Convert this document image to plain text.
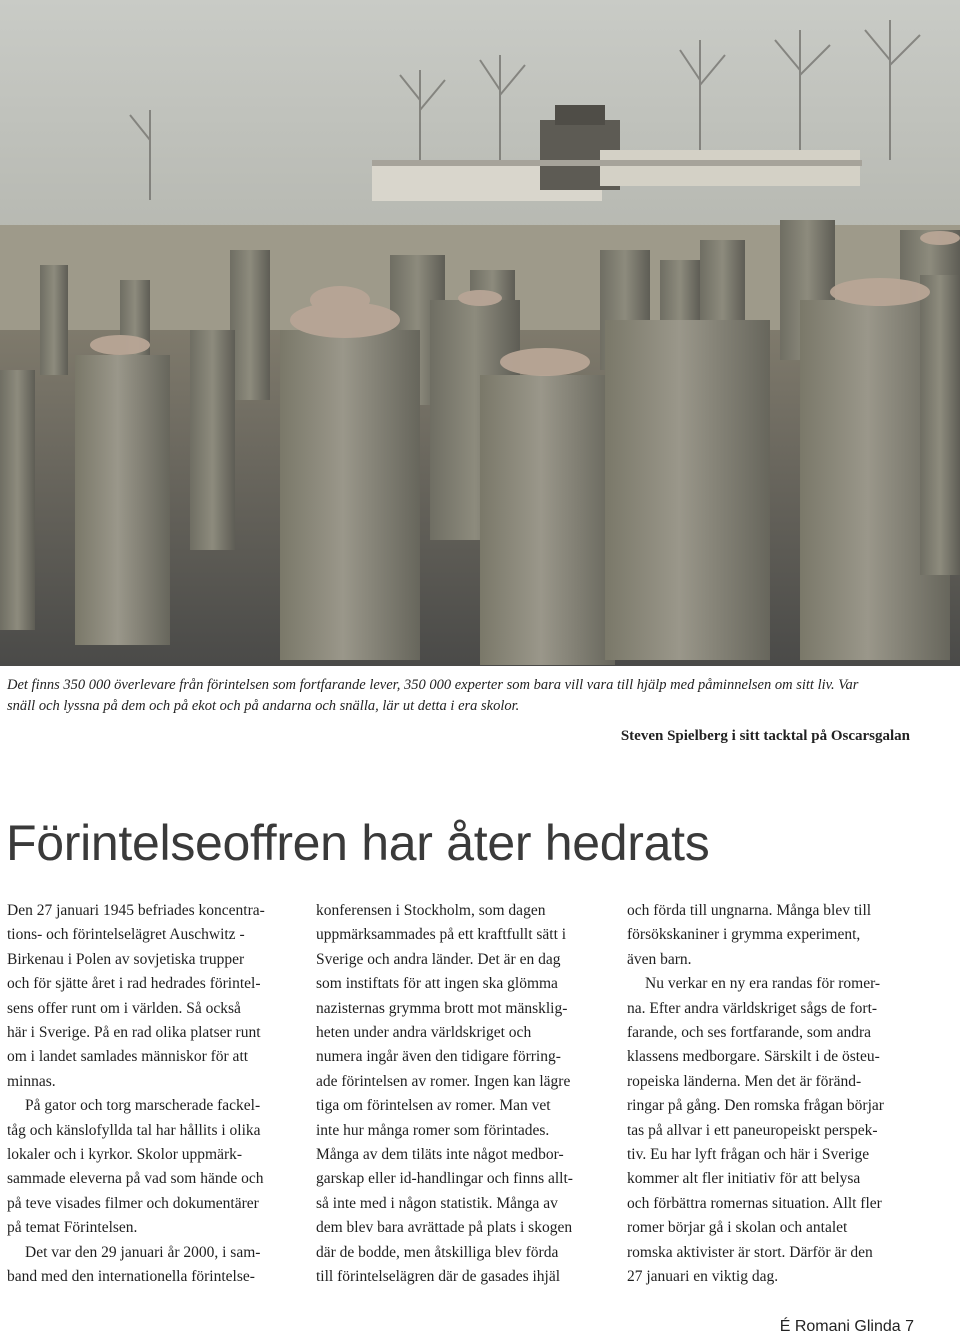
Det finns 350 000 överlevare från förintelsen som fortfarande lever, 350 000 experter som bara vill vara till hjälp med påminnelsen om sitt liv. Var
snäll och lyssna på dem och på ekot och på andarna och snälla, lär ut detta i era skolor.
Steven Spielberg i sitt tacktal på Oscarsgalan
Förintelseoffren har åter hedrats

Den 27 januari 1945 befriades koncentra-
tions- och förintelselägret Auschwitz -
Birkenau i Polen av sovjetiska trupper
och för sjätte året i rad hedrades förintel-
sens offer runt om i världen. Så också
här i Sverige. På en rad olika platser runt
om i landet samlades människor för att
minnas.

På gator och torg marscherade fackel-
tåg och känslofyllda tal har hållits i olika
lokaler och i kyrkor. Skolor uppmärk-
sammade eleverna på vad som hände och
på teve visades filmer och dokumentärer
på temat Förintelsen.

Det var den 29 januari år 2000, i sam-
band med den internationella förintelse-

konferensen i Stockholm, som dagen
uppmärksammades på ett kraftfullt sätt i
Sverige och andra länder. Det är en dag
som instiftats för att ingen ska glömma
nazisternas grymma brott mot mänsklig-
heten under andra världskriget och
numera ingår även den tidigare förring-
ade förintelsen av romer. Ingen kan lägre
tiga om förintelsen av romer. Man vet
inte hur många romer som förintades.
Många av dem tiläts inte något medbor-
garskap eller id-handlingar och finns allt-
så inte med i någon statistik. Många av
dem blev bara avrättade på plats i skogen
där de bodde, men åtskilliga blev förda
till förintelselägren där de gasades ihjäl

och förda till ungnarna. Många blev till
försökskaniner i grymma experiment,
även barn.

Nu verkar en ny era randas för romer-
na. Efter andra världskriget sågs de fort-
farande, och ses fortfarande, som andra
klassens medborgare. Särskilt i de östeu-
ropeiska länderna. Men det är föränd-
ringar på gång. Den romska frågan börjar
tas på allvar i ett paneuropeiskt perspek-
tiv. Eu har lyft frågan och här i Sverige
kommer alt fler initiativ för att belysa
och förbättra romernas situation. Allt fler
romer börjar gå i skolan och antalet
romska aktivister är stort. Därför är den
27 januari en viktig dag.

É Romani Glinda 7
